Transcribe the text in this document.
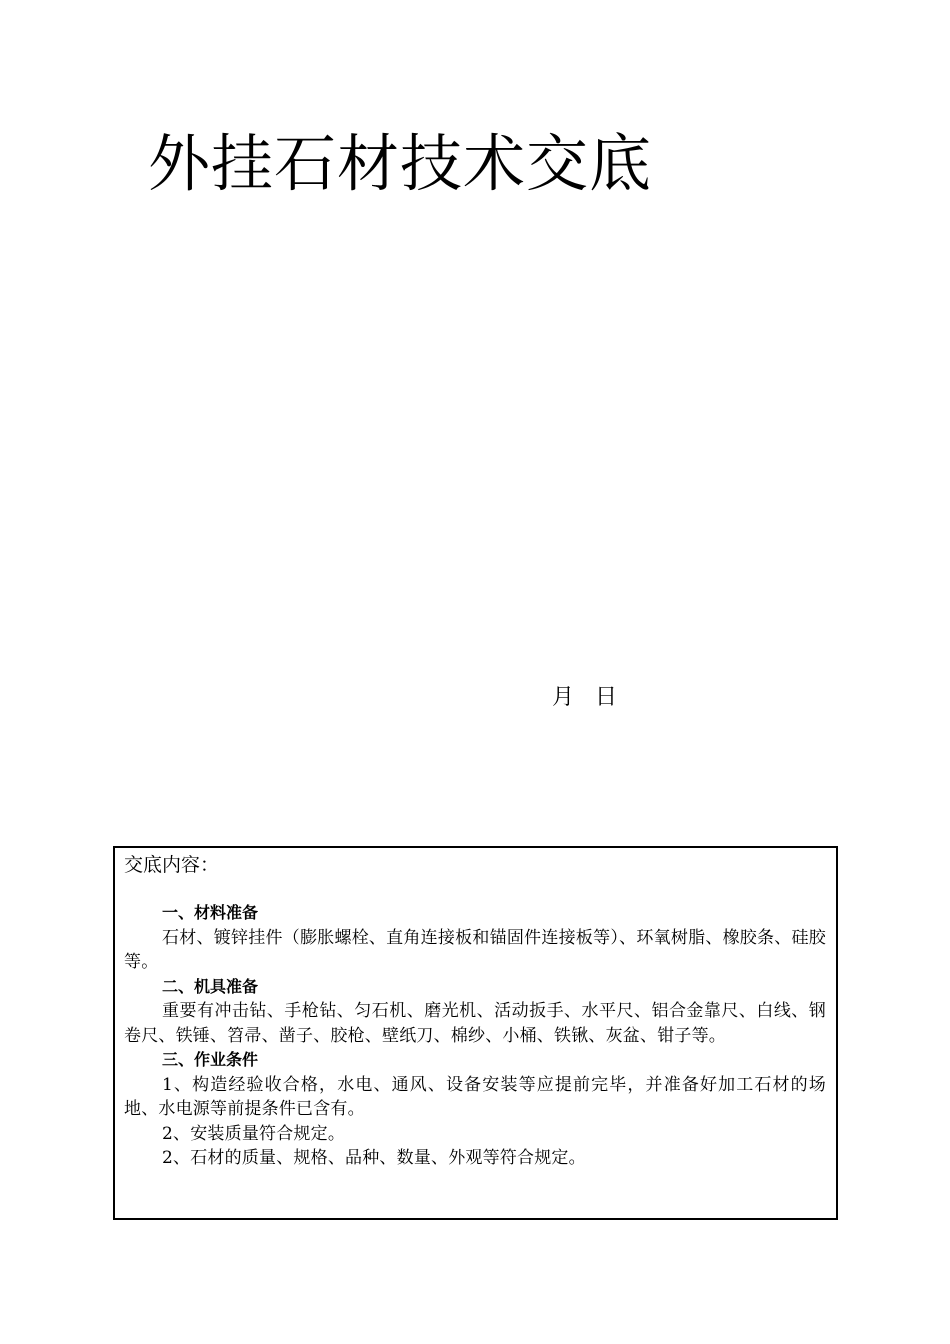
外挂石材技术交底
月   日
交底内容：
一、材料准备

石材、镀锌挂件（膨胀螺栓、直角连接板和锚固件连接板等）、环氧树脂、橡胶条、硅胶等。

二、机具准备

重要有冲击钻、手枪钻、匀石机、磨光机、活动扳手、水平尺、铝合金靠尺、白线、钢卷尺、铁锤、笤帚、凿子、胶枪、壁纸刀、棉纱、小桶、铁锹、灰盆、钳子等。

三、作业条件

1、构造经验收合格，水电、通风、设备安装等应提前完毕，并准备好加工石材的场地、水电源等前提条件已含有。

2、安装质量符合规定。

2、石材的质量、规格、品种、数量、外观等符合规定。
